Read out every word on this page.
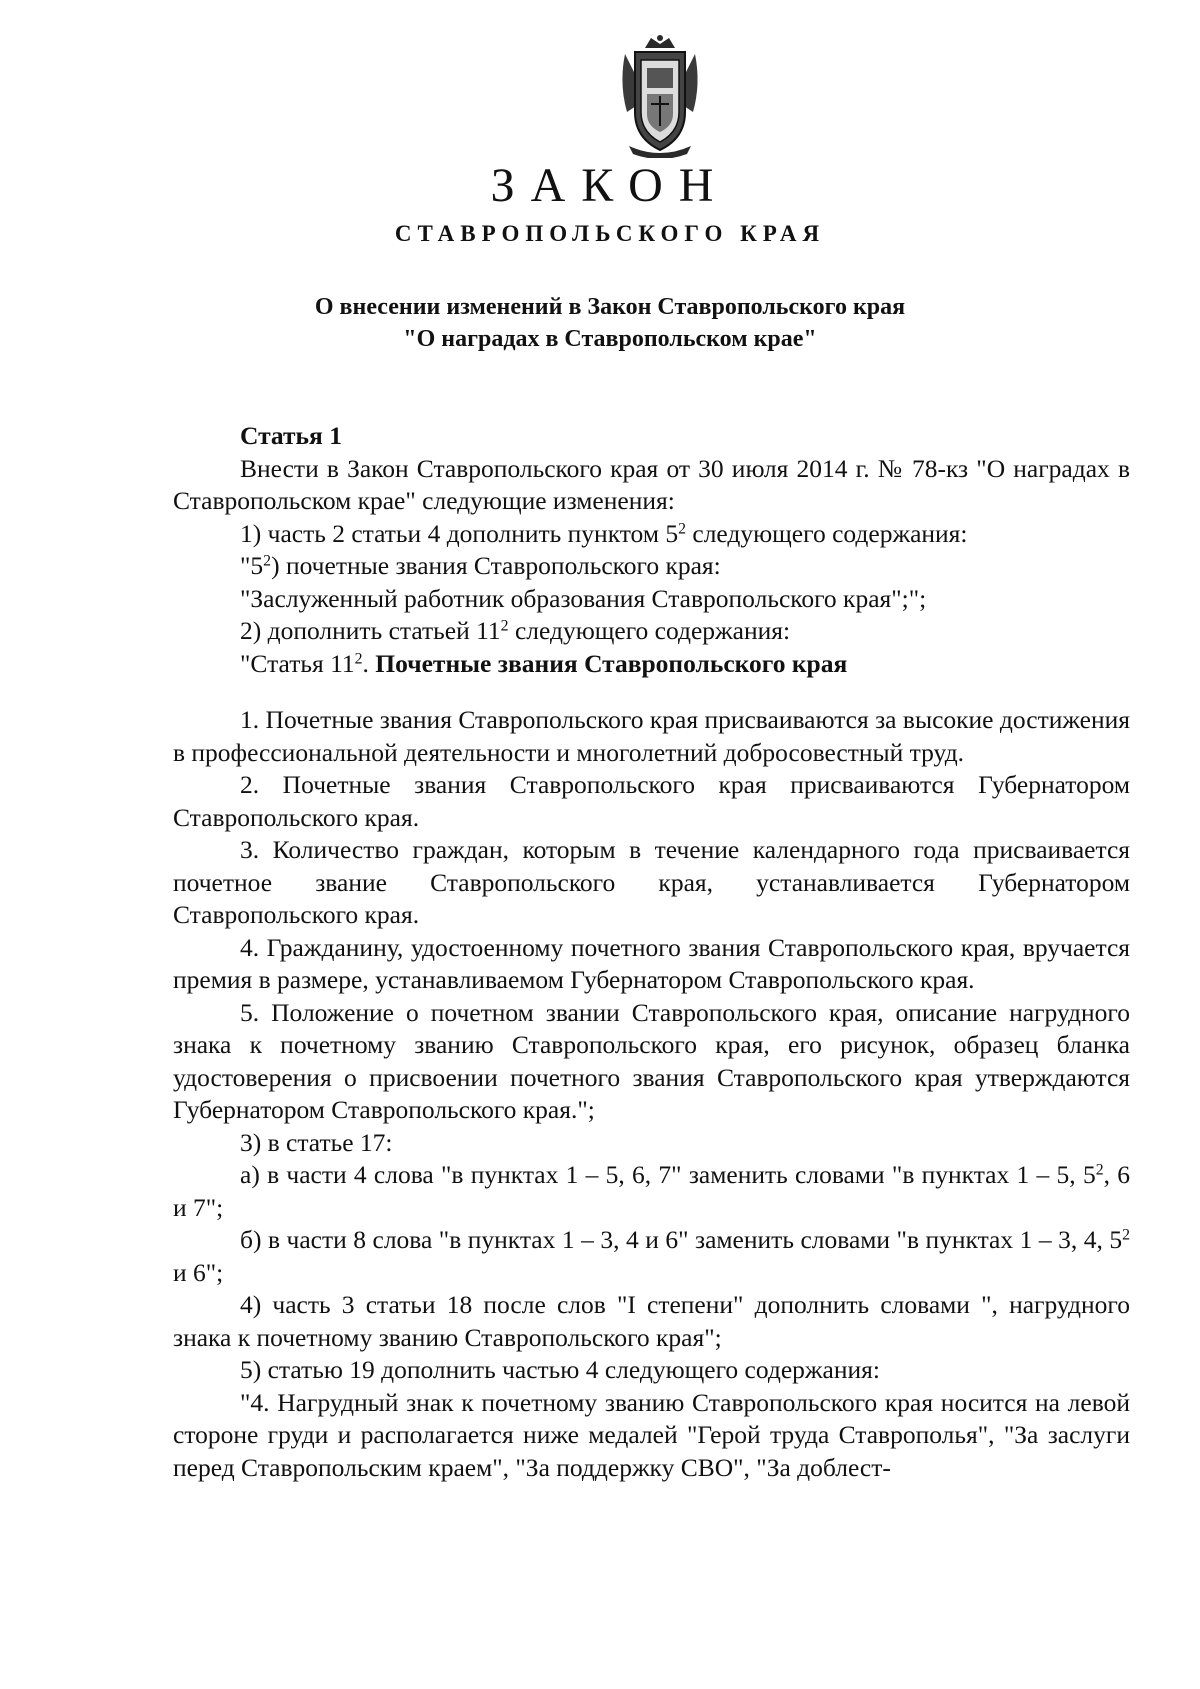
ЗАКОН
СТАВРОПОЛЬСКОГО КРАЯ
О внесении изменений в Закон Ставропольского края
"О наградах в Ставропольском крае"

Статья 1

Внести в Закон Ставропольского края от 30 июля 2014 г. № 78-кз "О наградах в Ставропольском крае" следующие изменения:

1) часть 2 статьи 4 дополнить пунктом $5^2$ следующего содержания:

"$5^2$) почетные звания Ставропольского края:

"Заслуженный работник образования Ставропольского края";";

2) дополнить статьей $11^2$ следующего содержания:

"Статья $11^2$. Почетные звания Ставропольского края

1. Почетные звания Ставропольского края присваиваются за высокие достижения в профессиональной деятельности и многолетний добросовестный труд.

2. Почетные звания Ставропольского края присваиваются Губернатором Ставропольского края.

3. Количество граждан, которым в течение календарного года присваивается почетное звание Ставропольского края, устанавливается Губернатором Ставропольского края.

4. Гражданину, удостоенному почетного звания Ставропольского края, вручается премия в размере, устанавливаемом Губернатором Ставропольского края.

5. Положение о почетном звании Ставропольского края, описание нагрудного знака к почетному званию Ставропольского края, его рисунок, образец бланка удостоверения о присвоении почетного звания Ставропольского края утверждаются Губернатором Ставропольского края.";

3) в статье 17:

а) в части 4 слова "в пунктах 1 – 5, 6, 7" заменить словами "в пунктах 1 – 5, $5^2$, 6 и 7";

б) в части 8 слова "в пунктах 1 – 3, 4 и 6" заменить словами "в пунктах 1 – 3, 4, $5^2$ и 6";

4) часть 3 статьи 18 после слов "I степени" дополнить словами ", нагрудного знака к почетному званию Ставропольского края";

5) статью 19 дополнить частью 4 следующего содержания:

"4. Нагрудный знак к почетному званию Ставропольского края носится на левой стороне груди и располагается ниже медалей "Герой труда Ставрополья", "За заслуги перед Ставропольским краем", "За поддержку СВО", "За доблест-
